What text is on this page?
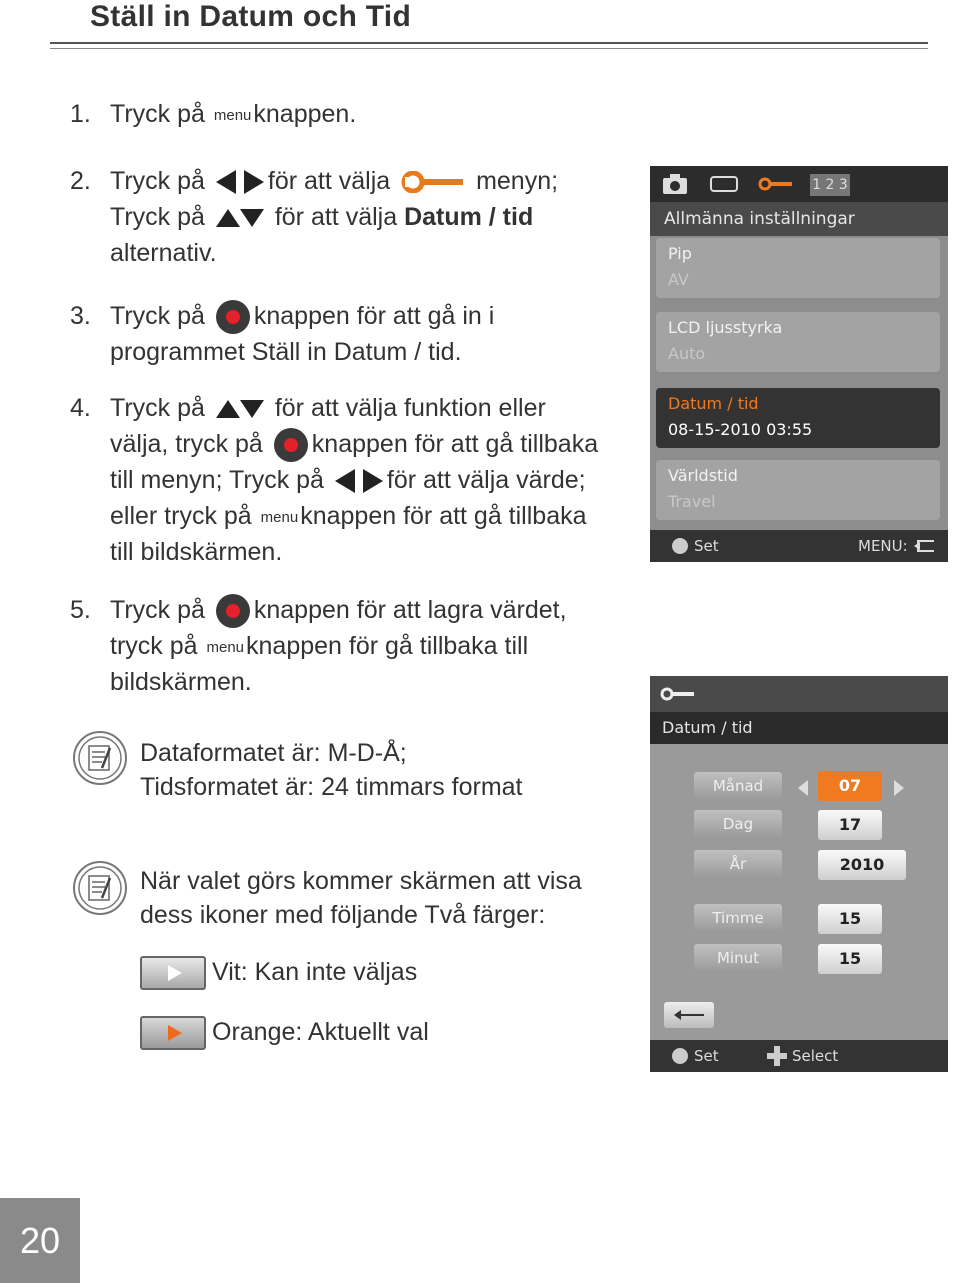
Ställ in Datum och Tid
1. Tryck på $^{menu}$knappen.
2. Tryck på	för att välja	menyn;
Tryck på	för att välja Datum / tid
alternativ.
3. Tryck på knappen för att gå in i
programmet Ställ in Datum / tid.
4. Tryck på	för att välja funktion eller
välja, tryck på knappen för att gå tillbaka
till menyn; Tryck på	för att välja värde;
eller tryck på $^{menu}$knappen för att gå tillbaka
till bildskärmen.
5. Tryck på knappen för att lagra värdet,
tryck på $^{menu}$knappen för gå tillbaka till
bildskärmen.
Dataformatet är: M-D-Å;
Tidsformatet är: 24 timmars format
När valet görs kommer skärmen att visa
dess ikoner med följande Två färger:
Vit: Kan inte väljas
Orange: Aktuellt val
1 2 3
Allmänna inställningar
Pip
AV
LCD ljusstyrka
Auto
Datum / tid
08-15-2010 03:55
Världstid
Travel
Set	MENU:
Datum / tid
Månad	07
Dag	17
År	2010
Timme	15
Minut	15
Set	Select
20
